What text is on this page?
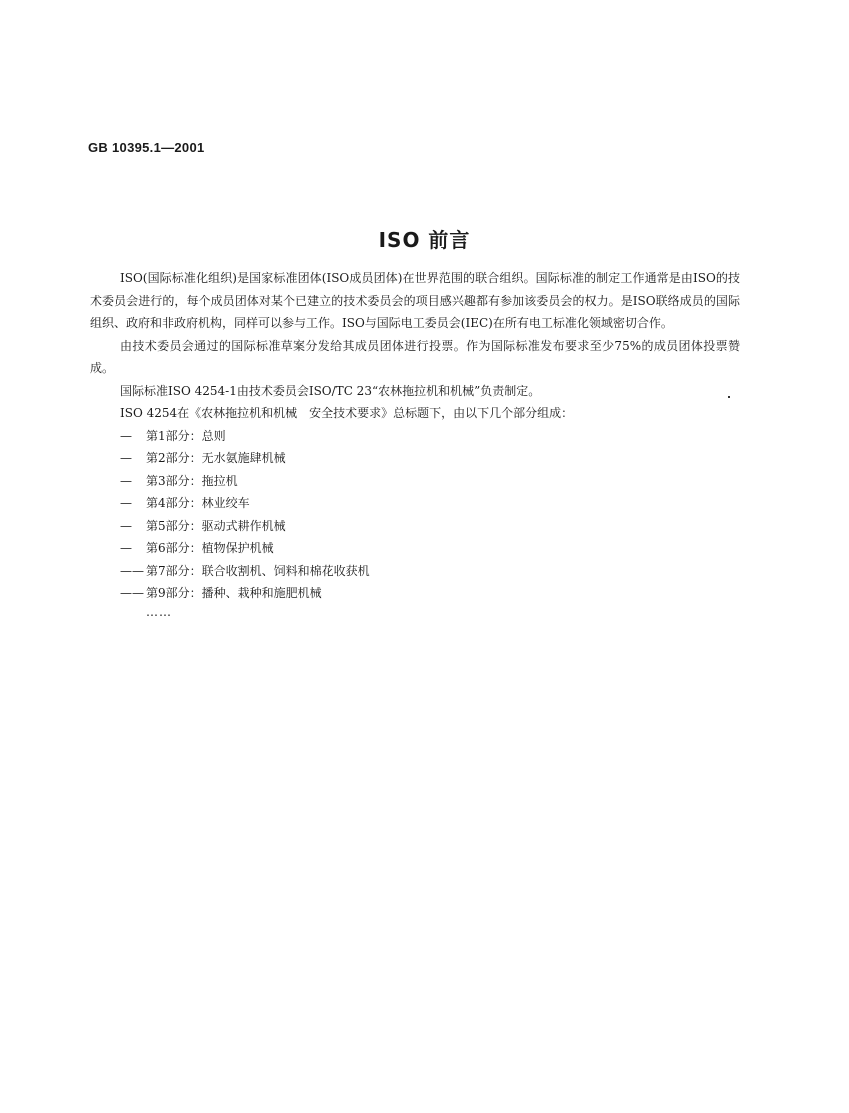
GB 10395.1—2001
ISO 前言

ISO(国际标准化组织)是国家标准团体(ISO成员团体)在世界范围的联合组织。国际标准的制定工作通常是由ISO的技术委员会进行的，每个成员团体对某个已建立的技术委员会的项目感兴趣都有参加该委员会的权力。是ISO联络成员的国际组织、政府和非政府机构，同样可以参与工作。ISO与国际电工委员会(IEC)在所有电工标准化领域密切合作。

由技术委员会通过的国际标准草案分发给其成员团体进行投票。作为国际标准发布要求至少75%的成员团体投票赞成。

国际标准ISO 4254-1由技术委员会ISO/TC 23“农林拖拉机和机械”负责制定。

ISO 4254在《农林拖拉机和机械　安全技术要求》总标题下，由以下几个部分组成：

— 第1部分：总则
— 第2部分：无水氨施肆机械
— 第3部分：拖拉机
— 第4部分：林业绞车
— 第5部分：驱动式耕作机械
— 第6部分：植物保护机械
—— 第7部分：联合收割机、饲料和棉花收获机
—— 第9部分：播种、栽种和施肥机械
……
